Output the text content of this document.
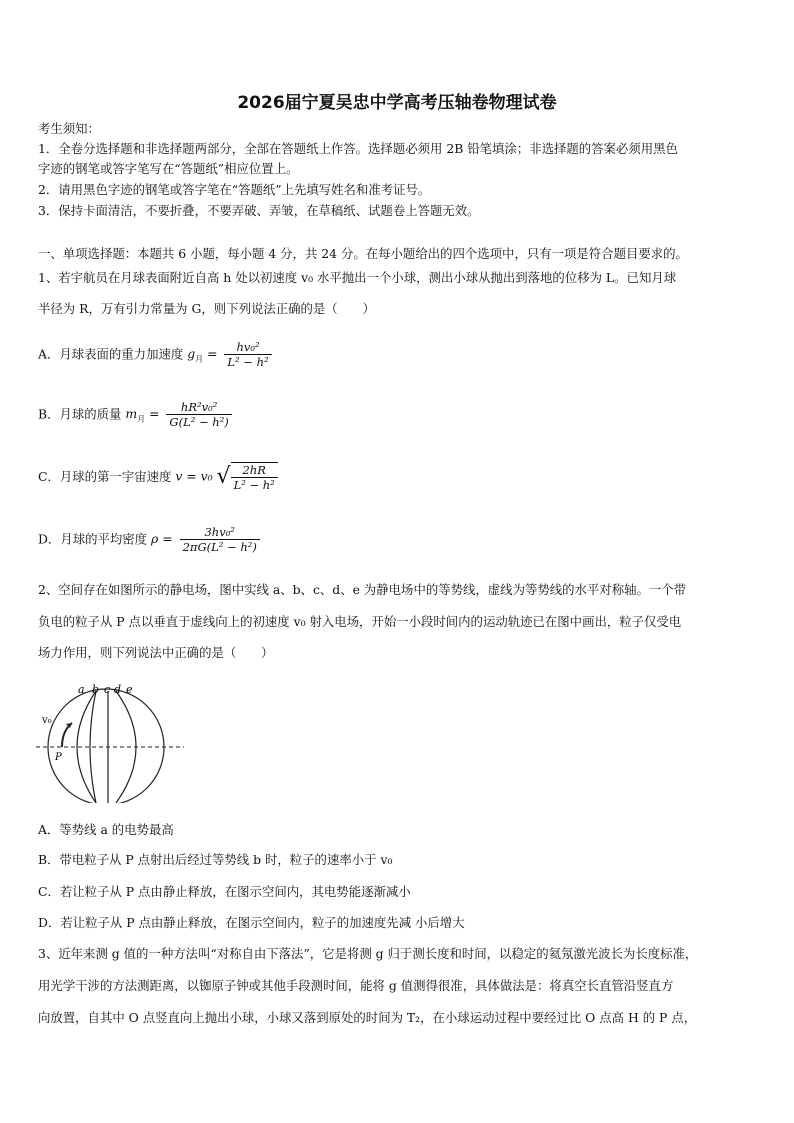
2026届宁夏吴忠中学高考压轴卷物理试卷
考生须知：
1．全卷分选择题和非选择题两部分，全部在答题纸上作答。选择题必须用 2B 铅笔填涂；非选择题的答案必须用黑色
字迹的钢笔或答字笔写在“答题纸”相应位置上。
2．请用黑色字迹的钢笔或答字笔在“答题纸”上先填写姓名和准考证号。
3．保持卡面清洁，不要折叠，不要弄破、弄皱，在草稿纸、试题卷上答题无效。
一、单项选择题：本题共 6 小题，每小题 4 分，共 24 分。在每小题给出的四个选项中，只有一项是符合题目要求的。
1、若宇航员在月球表面附近自高 h 处以初速度 v₀ 水平抛出一个小球，测出小球从抛出到落地的位移为 L。已知月球
半径为 R，万有引力常量为 G，则下列说法正确的是（　　）
A．月球表面的重力加速度 $g_月 = \frac{\text{hv₀²}}{\text{L² − h²}}$
B．月球的质量 $m_月 = \frac{\text{hR²v₀²}}{\text{G(L² − h²)}}$
C．月球的第一宇宙速度 v = v₀ √ $\frac{2hR}{\text{L² − h²}}$
D．月球的平均密度 $\rho = \frac{\text{3hv₀²}}{\text{2πG(L² − h²)}}$
2、空间存在如图所示的静电场，图中实线 a、b、c、d、e 为静电场中的等势线，虚线为等势线的水平对称轴。一个带
负电的粒子从 P 点以垂直于虚线向上的初速度 v₀ 射入电场，开始一小段时间内的运动轨迹已在图中画出，粒子仅受电
场力作用，则下列说法中正确的是（　　）
a b c d e
v₀
P
A．等势线 a 的电势最高
B．带电粒子从 P 点射出后经过等势线 b 时，粒子的速率小于 v₀
C．若让粒子从 P 点由静止释放，在图示空间内，其电势能逐渐减小
D．若让粒子从 P 点由静止释放，在图示空间内，粒子的加速度先减 小后增大
3、近年来测 g 值的一种方法叫“对称自由下落法”，它是将测 g 归于测长度和时间，以稳定的氦氖激光波长为长度标准，
用光学干涉的方法测距离，以铷原子钟或其他手段测时间，能将 g 值测得很准，具体做法是：将真空长直管沿竖直方
向放置，自其中 O 点竖直向上抛出小球，小球又落到原处的时间为 T₂，在小球运动过程中要经过比 O 点高 H 的 P 点，
